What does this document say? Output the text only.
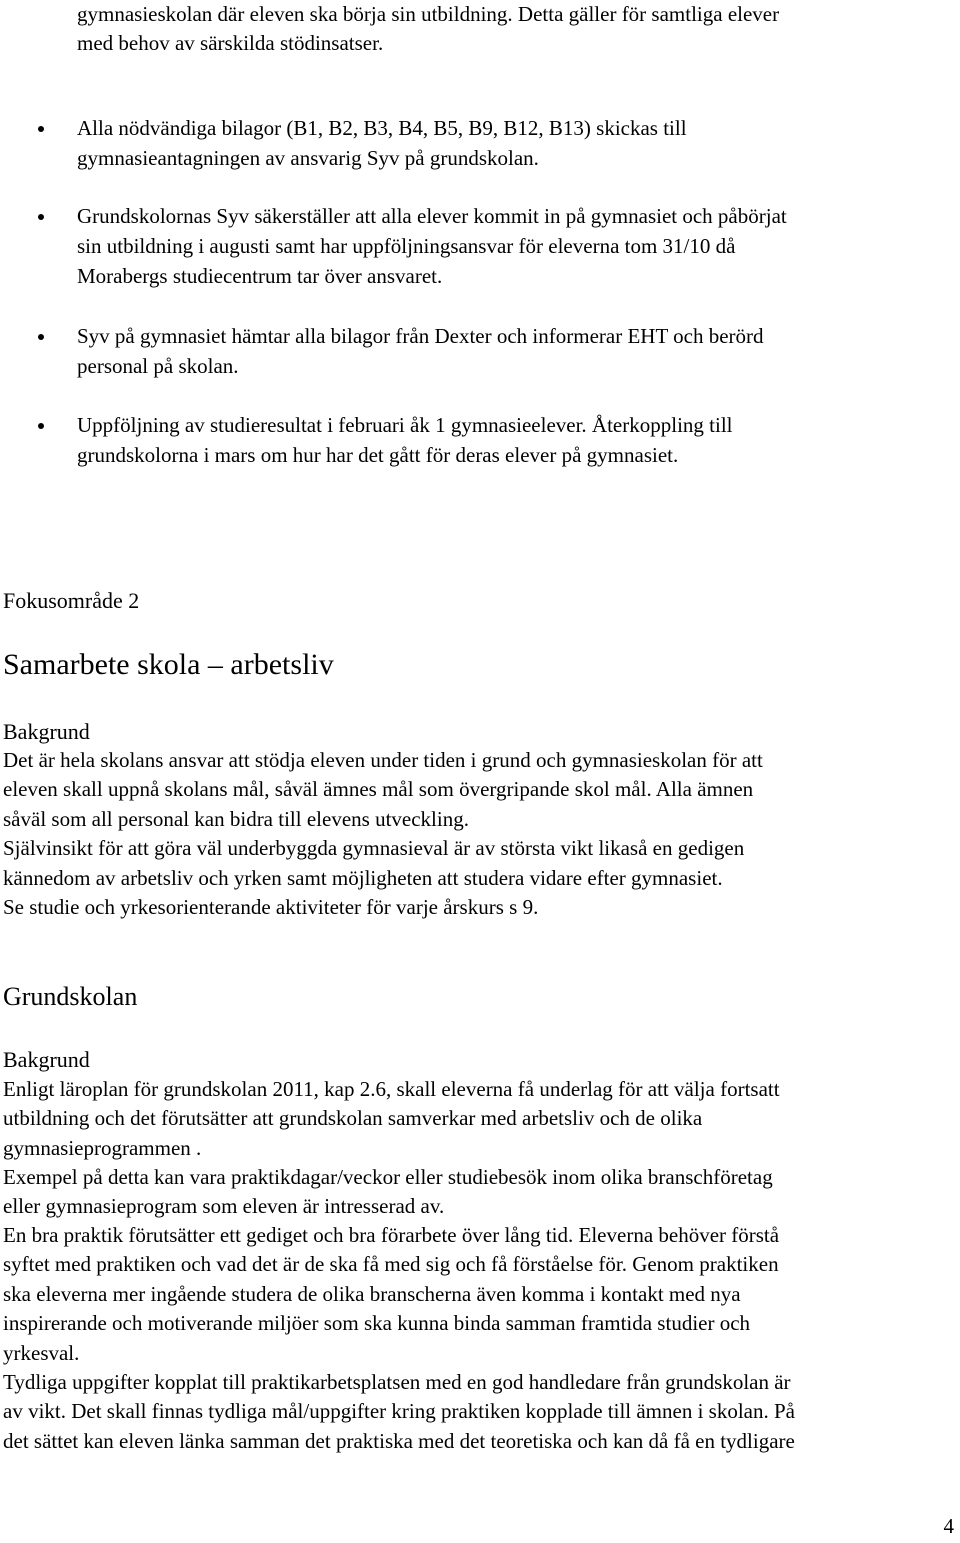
gymnasieskolan där eleven ska börja sin utbildning. Detta gäller för samtliga elever
med behov av särskilda stödinsatser.
Alla nödvändiga bilagor (B1, B2, B3, B4, B5, B9, B12, B13) skickas till
gymnasieantagningen av ansvarig Syv på grundskolan.
Grundskolornas Syv säkerställer att alla elever kommit in på gymnasiet och påbörjat
sin utbildning i augusti samt har uppföljningsansvar för eleverna tom 31/10 då
Morabergs studiecentrum tar över ansvaret.
Syv på gymnasiet hämtar alla bilagor från Dexter och informerar EHT och berörd
personal på skolan.
Uppföljning av studieresultat i februari åk 1 gymnasieelever. Återkoppling till
grundskolorna i mars om hur har det gått för deras elever på gymnasiet.
Fokusområde 2
Samarbete skola – arbetsliv
Bakgrund
Det är hela skolans ansvar att stödja eleven under tiden i grund och gymnasieskolan för att
eleven skall uppnå skolans mål, såväl ämnes mål som övergripande skol mål. Alla ämnen
såväl som all personal kan bidra till elevens utveckling.
Självinsikt för att göra väl underbyggda gymnasieval är av största vikt likaså en gedigen
kännedom av arbetsliv och yrken samt möjligheten att studera vidare efter gymnasiet.
Se studie och yrkesorienterande aktiviteter för varje årskurs s 9.
Grundskolan
Bakgrund
Enligt läroplan för grundskolan 2011, kap 2.6, skall eleverna få underlag för att välja fortsatt
utbildning och det förutsätter att grundskolan samverkar med arbetsliv och de olika
gymnasieprogrammen .
Exempel på detta kan vara praktikdagar/veckor eller studiebesök inom olika branschföretag
eller gymnasieprogram som eleven är intresserad av.
En bra praktik förutsätter ett gediget och bra förarbete över lång tid. Eleverna behöver förstå
syftet med praktiken och vad det är de ska få med sig och få förståelse för. Genom praktiken
ska eleverna mer ingående studera de olika branscherna även komma i kontakt med nya
inspirerande och motiverande miljöer som ska kunna binda samman framtida studier och
yrkesval.
Tydliga uppgifter kopplat till praktikarbetsplatsen med en god handledare från grundskolan är
av vikt. Det skall finnas tydliga mål/uppgifter kring praktiken kopplade till ämnen i skolan. På
det sättet kan eleven länka samman det praktiska med det teoretiska och kan då få en tydligare
4
